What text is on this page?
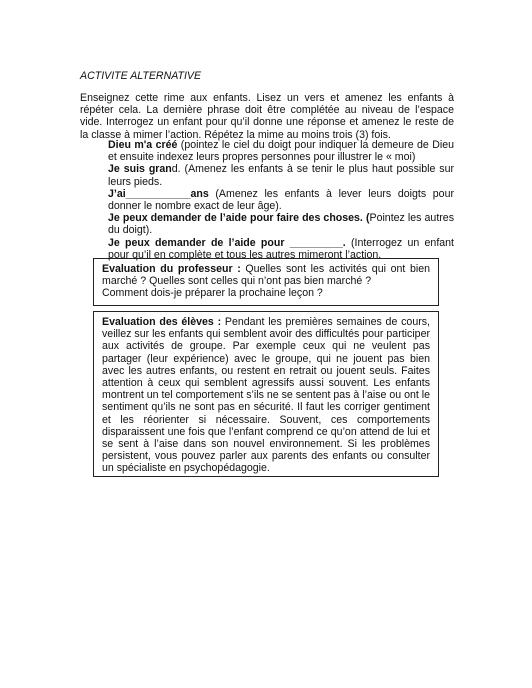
ACTIVITE ALTERNATIVE
Enseignez cette rime aux enfants. Lisez un vers et amenez les enfants à répéter cela. La dernière phrase doit être complétée au niveau de l’espace vide. Interrogez un enfant pour qu’il donne une réponse et amenez le reste de la classe à mimer l’action. Répétez la mime au moins trois (3) fois.

Dieu m'a créé (pointez le ciel du doigt pour indiquer la demeure de Dieu et ensuite indexez leurs propres personnes pour illustrer le « moi)

Je suis grand. (Amenez les enfants à se tenir le plus haut possible sur leurs pieds.

J’ai___________ans (Amenez les enfants à lever leurs doigts pour donner le nombre exact de leur âge).

Je peux demander de l’aide pour faire des choses. (Pointez les autres du doigt).

Je peux demander de l’aide pour _________. (Interrogez un enfant pour qu’il en complète et tous les autres mimeront l’action.

Evaluation du professeur : Quelles sont les activités qui ont bien marché ? Quelles sont celles qui n’ont pas bien marché ?

Comment dois-je préparer la prochaine leçon ?

Evaluation des élèves : Pendant les premières semaines de cours, veillez sur les enfants qui semblent avoir des difficultés pour participer aux activités de groupe. Par exemple ceux qui ne veulent pas partager (leur expérience) avec le groupe, qui ne jouent pas bien avec les autres enfants, ou restent en retrait ou jouent seuls. Faites attention à ceux qui semblent agressifs aussi souvent. Les enfants montrent un tel comportement s’ils ne se sentent pas à l’aise ou ont le sentiment qu’ils ne sont pas en sécurité. Il faut les corriger gentiment et les réorienter si nécessaire. Souvent, ces comportements disparaissent une fois que l’enfant comprend ce qu’on attend de lui et se sent à l’aise dans son nouvel environnement. Si les problèmes persistent, vous pouvez parler aux parents des enfants ou consulter un spécialiste en psychopédagogie.
